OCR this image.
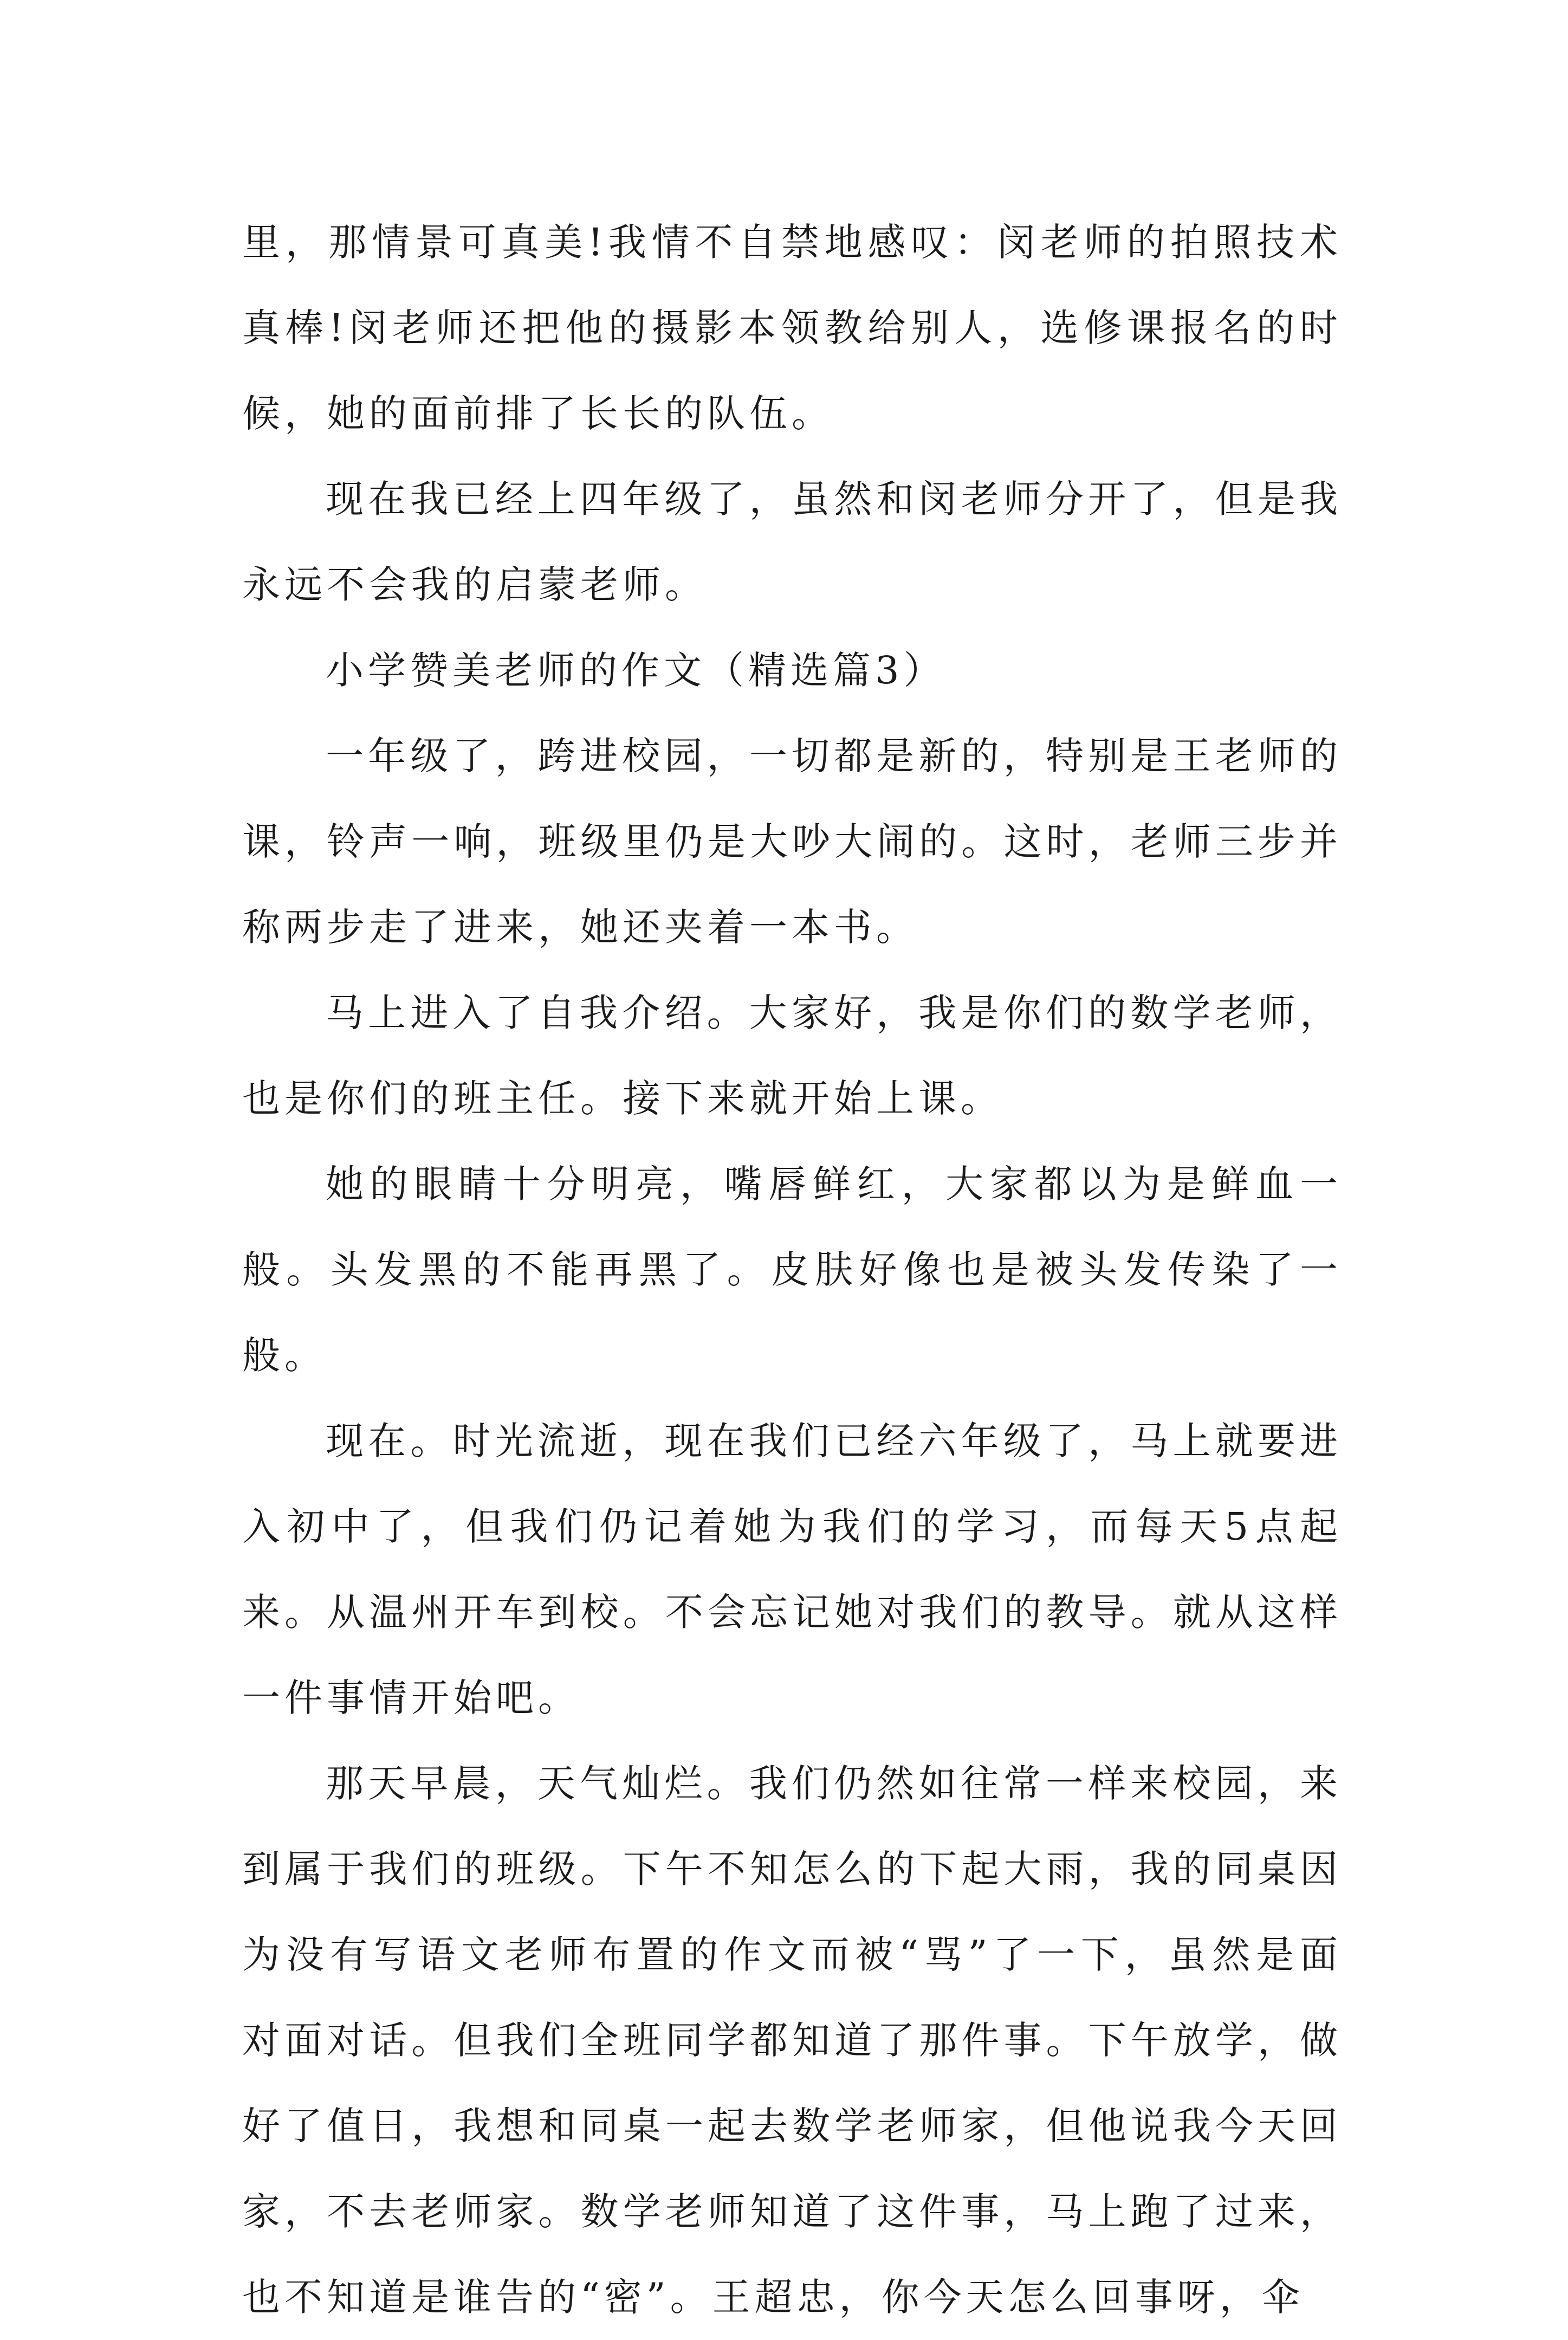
里，那情景可真美!我情不自禁地感叹：闵老师的拍照技术真棒!闵老师还把他的摄影本领教给别人，选修课报名的时候，她的面前排了长长的队伍。

现在我已经上四年级了，虽然和闵老师分开了，但是我永远不会我的启蒙老师。

小学赞美老师的作文（精选篇3）

一年级了，跨进校园，一切都是新的，特别是王老师的课，铃声一响，班级里仍是大吵大闹的。这时，老师三步并称两步走了进来，她还夹着一本书。

马上进入了自我介绍。大家好，我是你们的数学老师，也是你们的班主任。接下来就开始上课。

她的眼睛十分明亮，嘴唇鲜红，大家都以为是鲜血一般。头发黑的不能再黑了。皮肤好像也是被头发传染了一般。

现在。时光流逝，现在我们已经六年级了，马上就要进入初中了，但我们仍记着她为我们的学习，而每天5点起来。从温州开车到校。不会忘记她对我们的教导。就从这样一件事情开始吧。

那天早晨，天气灿烂。我们仍然如往常一样来校园，来到属于我们的班级。下午不知怎么的下起大雨，我的同桌因为没有写语文老师布置的作文而被“骂”了一下，虽然是面对面对话。但我们全班同学都知道了那件事。下午放学，做好了值日，我想和同桌一起去数学老师家，但他说我今天回家，不去老师家。数学老师知道了这件事，马上跑了过来，也不知道是谁告的“密”。王超忠，你今天怎么回事呀，伞
